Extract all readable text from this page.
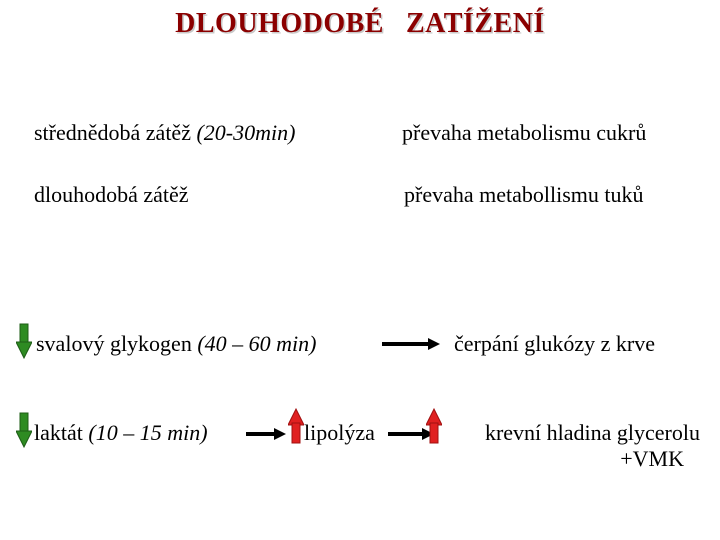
DLOUHODOBÉ ZATÍŽENÍ
střednědobá zátěž (20-30min)	převaha metabolismu cukrů
dlouhodobá zátěž	převaha metabollismu tuků
svalový glykogen (40 – 60 min)	čerpání glukózy z krve
laktát (10 – 15 min)	lipolýza	krevní hladina glycerolu
+VMK
